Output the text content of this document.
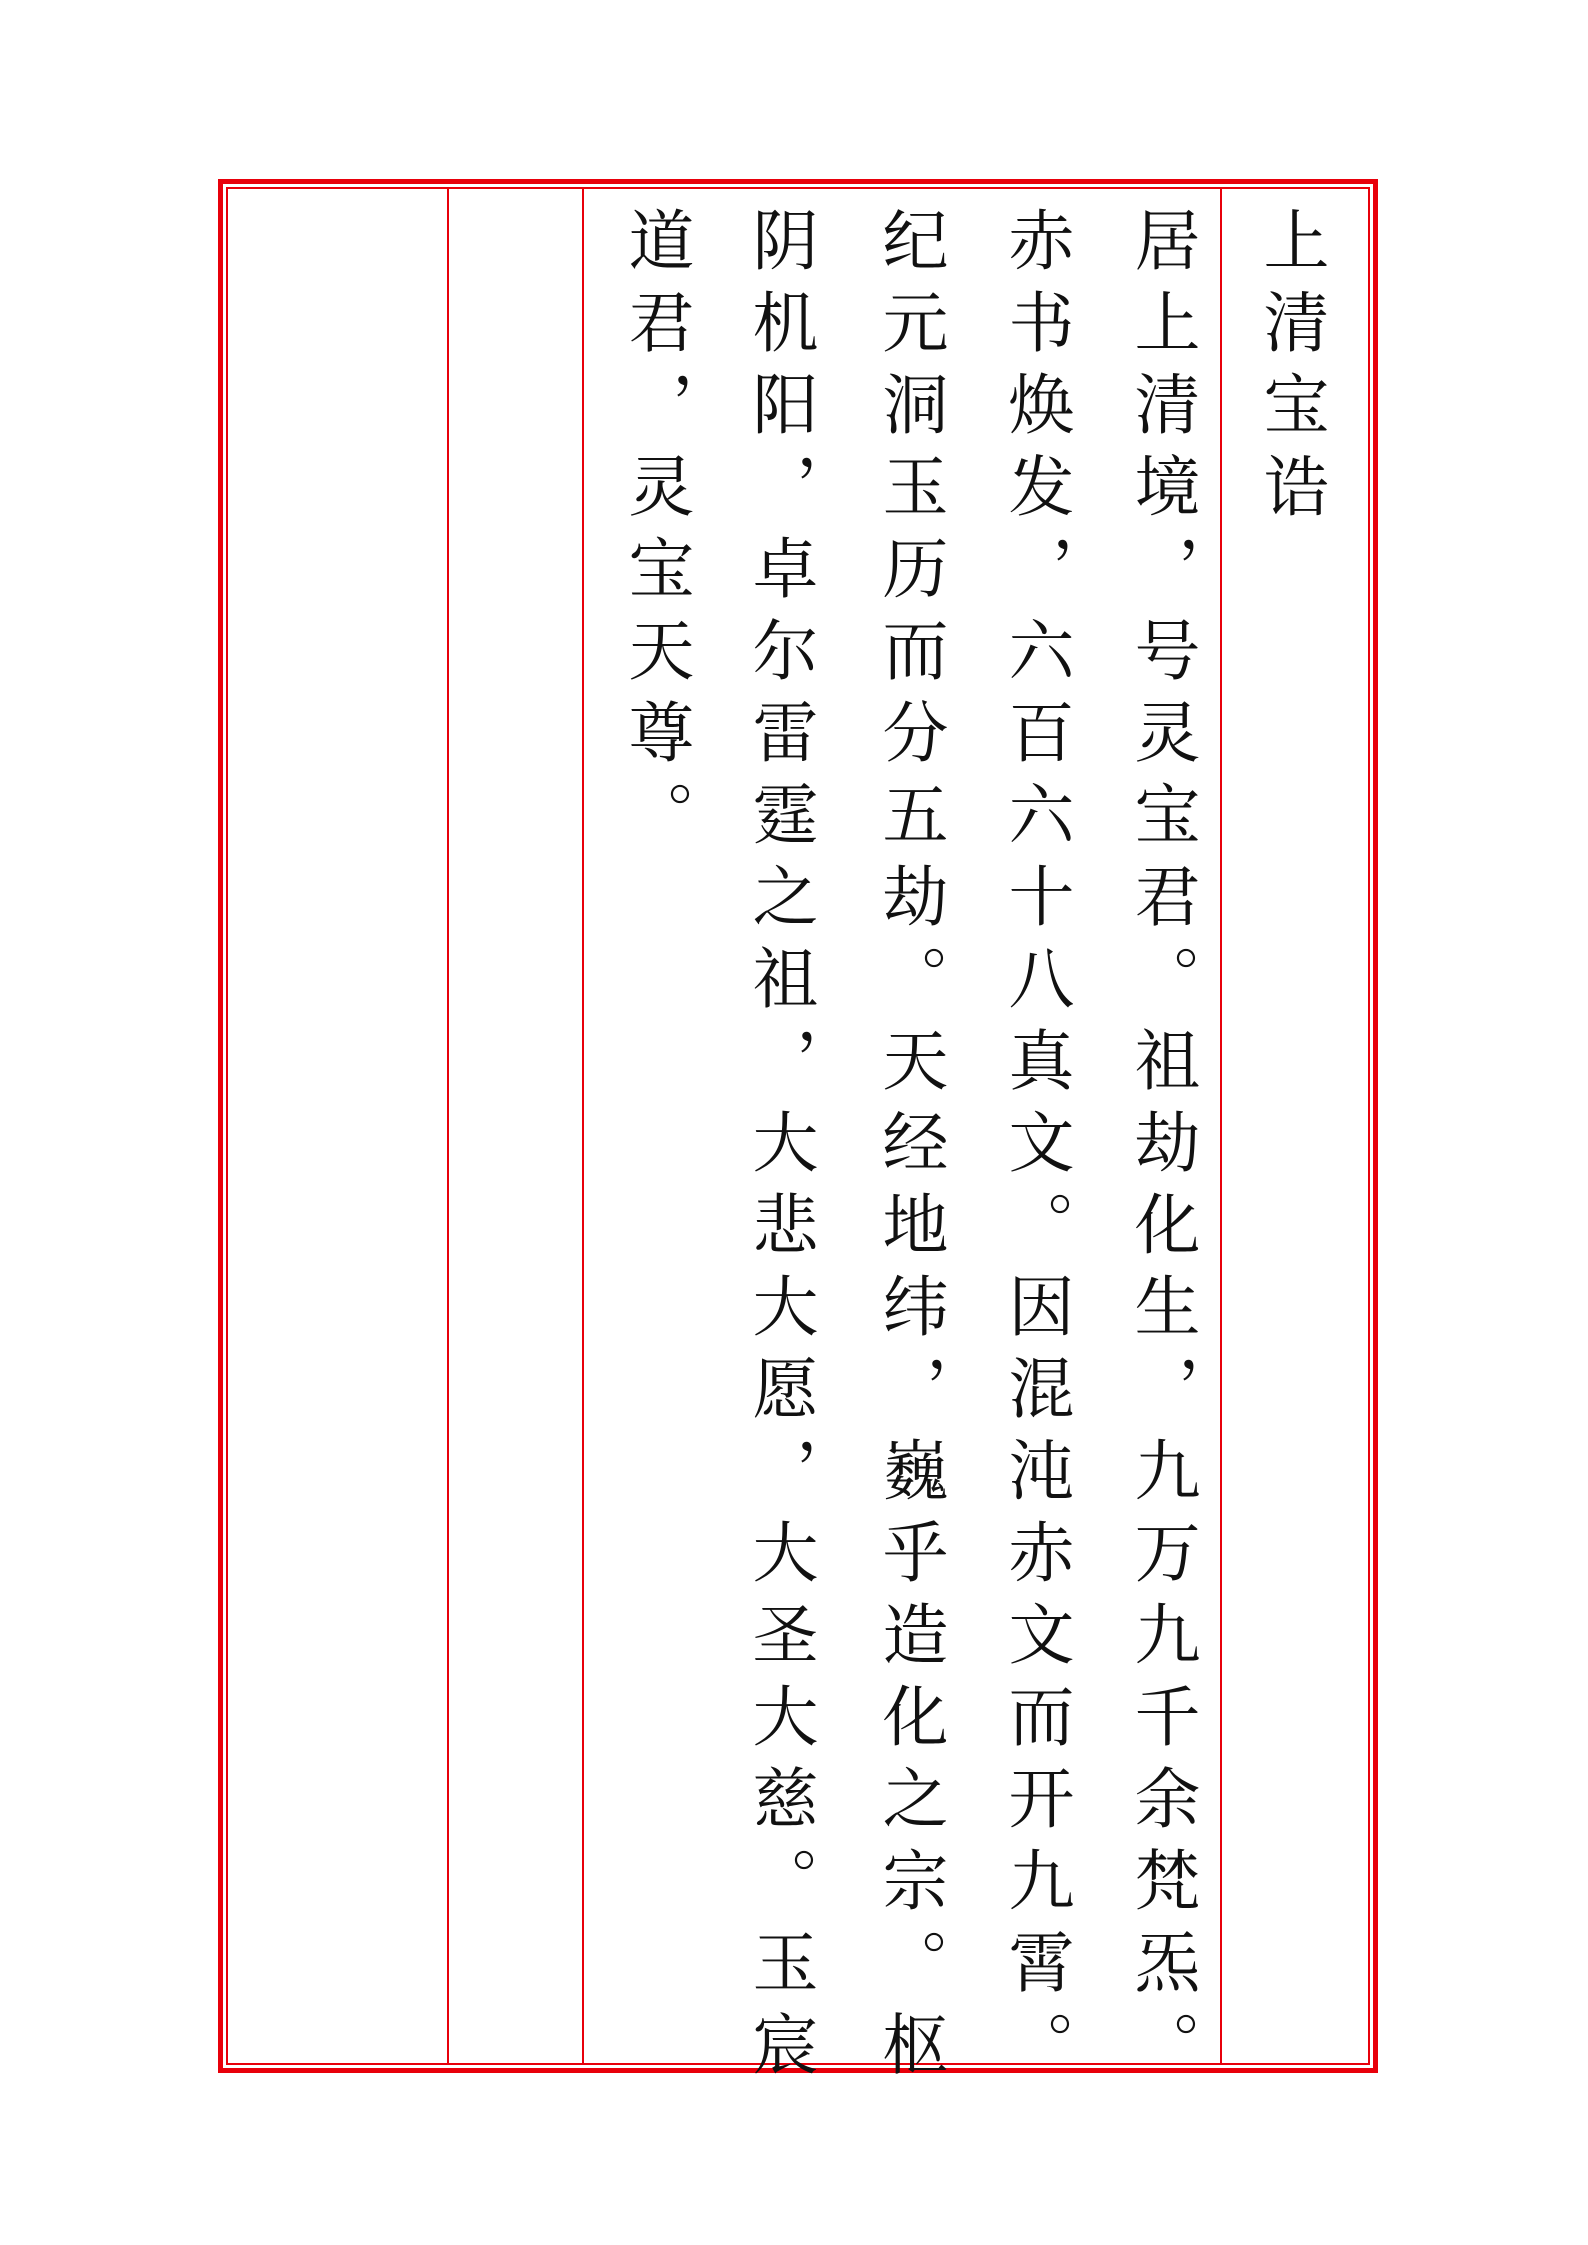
上清宝诰
居上清境，号灵宝君。祖劫化生，九万九千余梵炁。
赤书焕发，六百六十八真文。因混沌赤文而开九霄。
纪元洞玉历而分五劫。天经地纬，巍乎造化之宗。枢
阴机阳，卓尔雷霆之祖，大悲大愿，大圣大慈。玉宸
道君，灵宝天尊。
